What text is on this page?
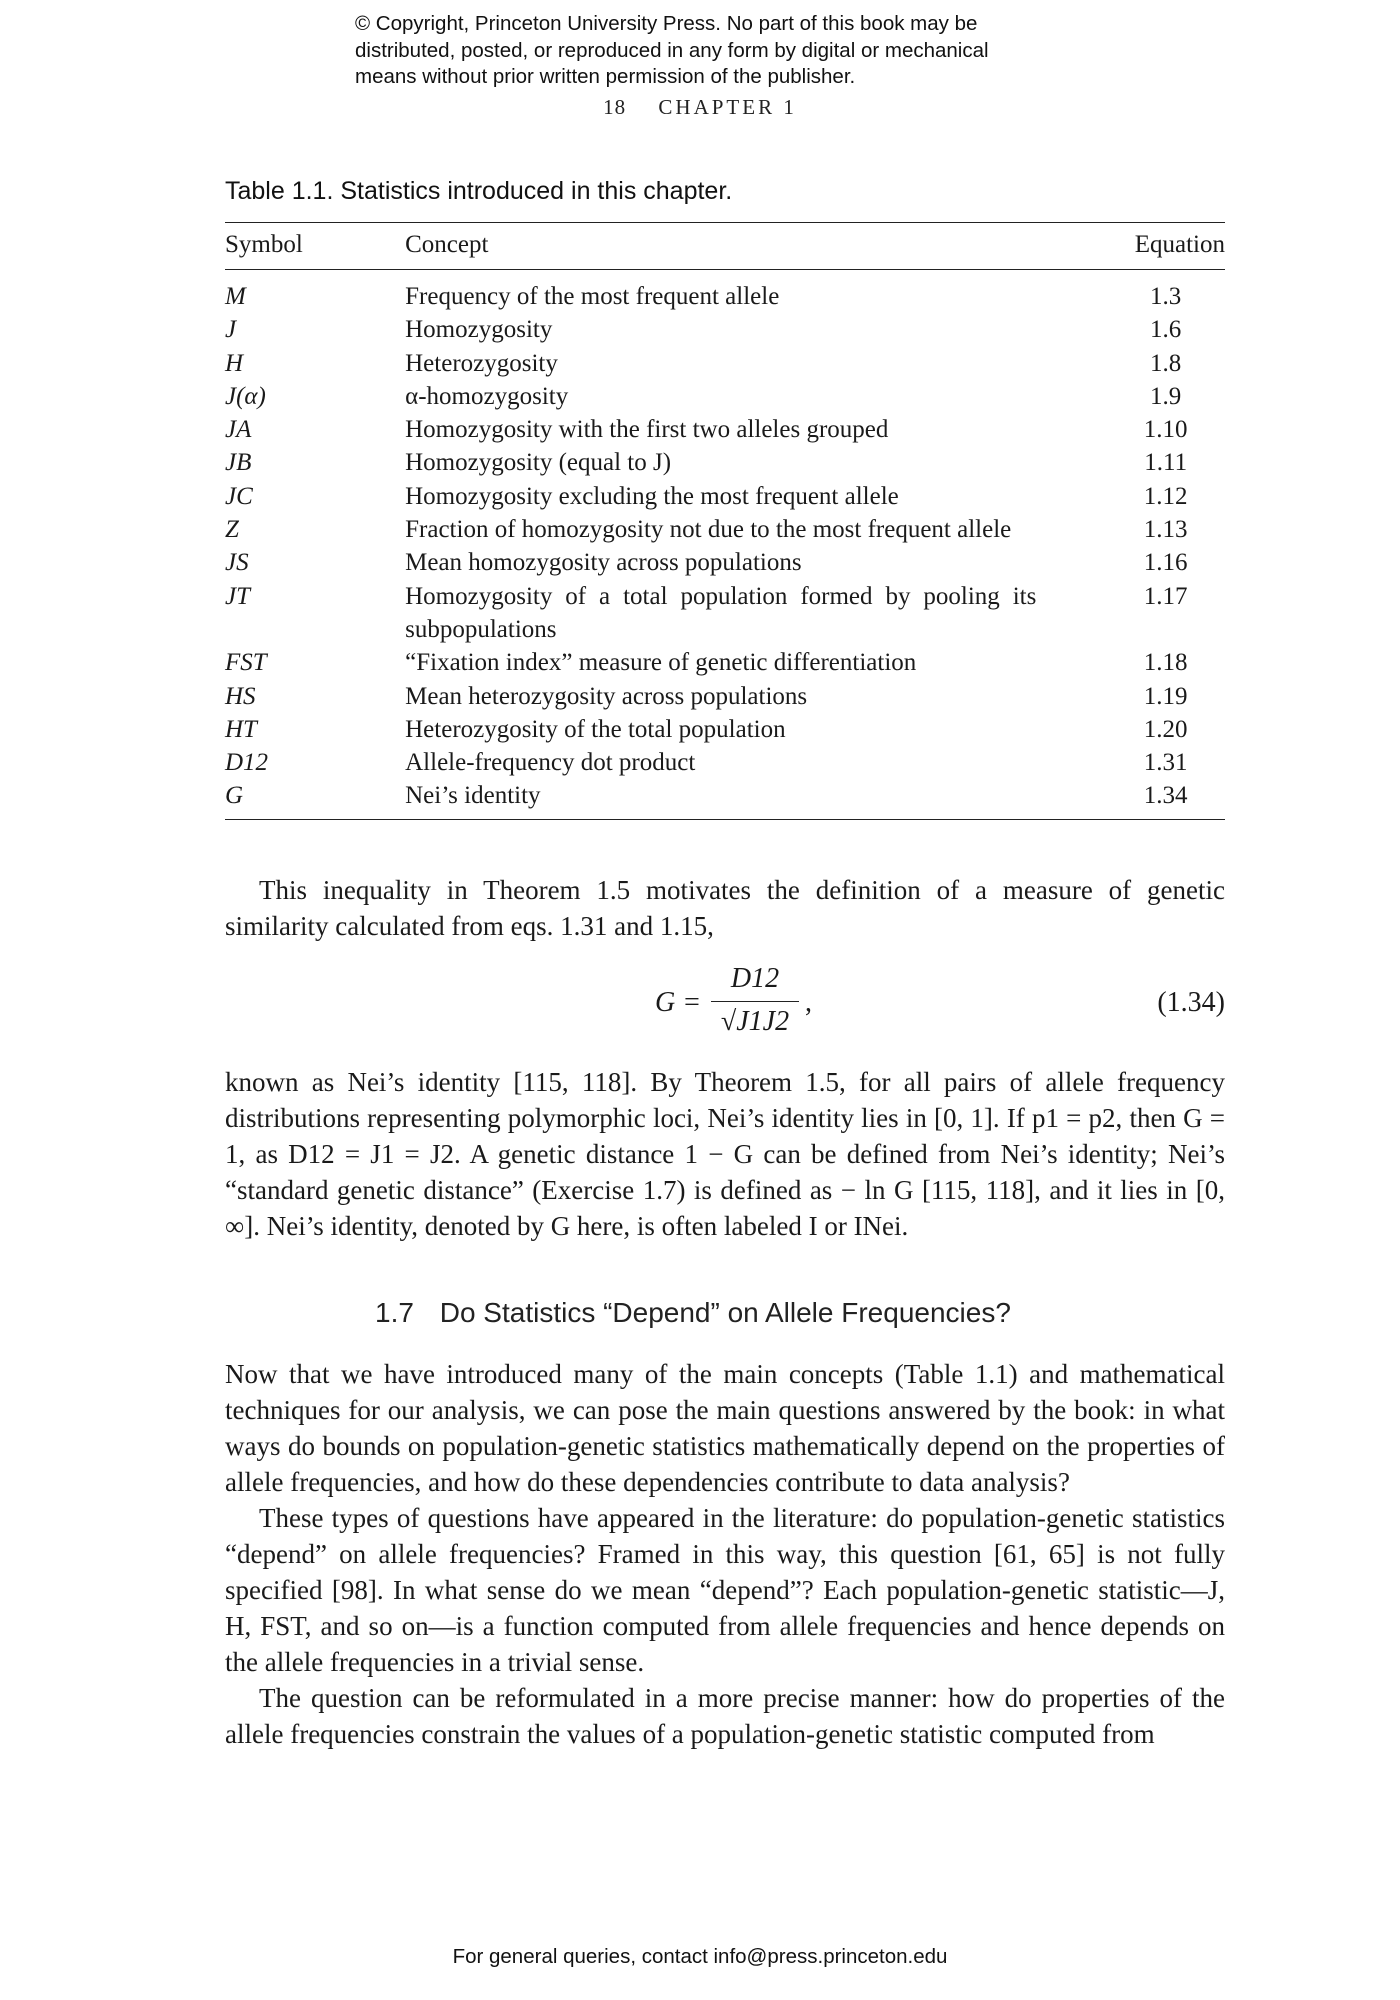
© Copyright, Princeton University Press. No part of this book may be
distributed, posted, or reproduced in any form by digital or mechanical
means without prior written permission of the publisher.
18 CHAPTER 1
Table 1.1. Statistics introduced in this chapter.
Symbol	Concept	Equation
M	Frequency of the most frequent allele	1.3
J	Homozygosity	1.6
H	Heterozygosity	1.8
J(α)	α-homozygosity	1.9
JA	Homozygosity with the first two alleles grouped	1.10
JB	Homozygosity (equal to J)	1.11
JC	Homozygosity excluding the most frequent allele	1.12
Z	Fraction of homozygosity not due to the most frequent allele	1.13
JS	Mean homozygosity across populations	1.16
JT	Homozygosity of a total population formed by pooling its subpopulations	1.17
FST	“Fixation index” measure of genetic differentiation	1.18
HS	Mean heterozygosity across populations	1.19
HT	Heterozygosity of the total population	1.20
D12	Allele-frequency dot product	1.31
G	Nei’s identity	1.34

This inequality in Theorem 1.5 motivates the definition of a measure of genetic similarity calculated from eqs. 1.31 and 1.15,

G =
D12
√J1J2
,	(1.34)

known as Nei’s identity [115, 118]. By Theorem 1.5, for all pairs of allele frequency distributions representing polymorphic loci, Nei’s identity lies in [0, 1]. If p1 = p2, then G = 1, as D12 = J1 = J2. A genetic distance 1 − G can be defined from Nei’s identity; Nei’s “standard genetic distance” (Exercise 1.7) is defined as − ln G [115, 118], and it lies in [0, ∞]. Nei’s identity, denoted by G here, is often labeled I or INei.

1.7 Do Statistics “Depend” on Allele Frequencies?

Now that we have introduced many of the main concepts (Table 1.1) and mathematical techniques for our analysis, we can pose the main questions answered by the book: in what ways do bounds on population-genetic statistics mathematically depend on the properties of allele frequencies, and how do these dependencies contribute to data analysis?

These types of questions have appeared in the literature: do population-genetic statistics “depend” on allele frequencies? Framed in this way, this question [61, 65] is not fully specified [98]. In what sense do we mean “depend”? Each population-genetic statistic—J, H, FST, and so on—is a function computed from allele frequencies and hence depends on the allele frequencies in a trivial sense.

The question can be reformulated in a more precise manner: how do properties of the allele frequencies constrain the values of a population-genetic statistic computed from

For general queries, contact info@press.princeton.edu
